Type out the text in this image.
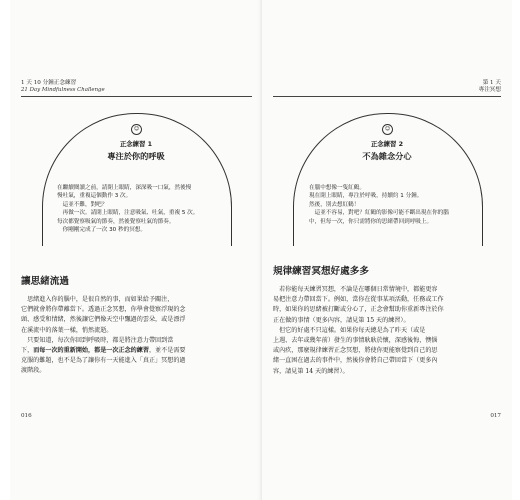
1 天 10 分鐘正念練習
21 Day Mindfulness Challenge
☺
正念練習 1
專注於你的呼吸

在繼續閱讀之前，請閉上眼睛，深深吸一口氣，然後慢

慢吐氣，重複這個動作 3 次。

　這並不難，對吧？

　再做一次。請閉上眼睛，注意吸氣、吐氣，重複 5 次。

每次都覺察吸氣的節奏，然後覺察吐氣的節奏。

　你剛剛完成了一次 30 秒的冥想。

讓思緒流過

　思緒進入你的腦中，是很自然的事，而如果給予關注，

它們就會將你帶離當下。透過正念冥想，你學會覺察浮現的念

頭、感受和情緒，然後讓它們像天空中飄過的雲朵，或是漂浮

在溪流中的落葉一樣，悄然流逝。

　只要知道，每次你回到呼吸時，都是將注意力帶回到當

下，而每一次的重新開始，都是一次正念的練習，並不是需要

克服的難題，也不是為了讓你有一天能進入「真正」冥想的過

渡階段。

016
第 1 天
專注冥想
☺
正念練習 2
不為雜念分心

在腦中想像一隻紅鶴。

現在閉上眼睛，專注於呼吸，持續約 1 分鐘。

然後，別去想紅鶴！

　這並不容易，對吧？紅鶴的影像可能不斷出現在你的腦

中，但每一次，你只需將你的思緒帶回到呼吸上。

規律練習冥想好處多多

　若你能每天練習冥想，不論是在哪個日常情境中，都能更容

易把注意力帶回當下。例如，當你在從事某項活動，任務或工作

時，如果你的思緒被打斷或分心了，正念會幫助你重新專注於你

正在做的事情（更多內容，請見第 15 天的練習）。

　但它的好處不只這樣。如果你每天總是為了昨天（或是

上週、去年或幾年前）發生的事情耿耿於懷，深感後悔，懊惱

或內疚，那麼規律練習正念冥想，將使你更能察覺到自己的思

緒一直困在過去的事件中，然後你會將自己帶回當下（更多內

容，請見第 14 天的練習）。

017
